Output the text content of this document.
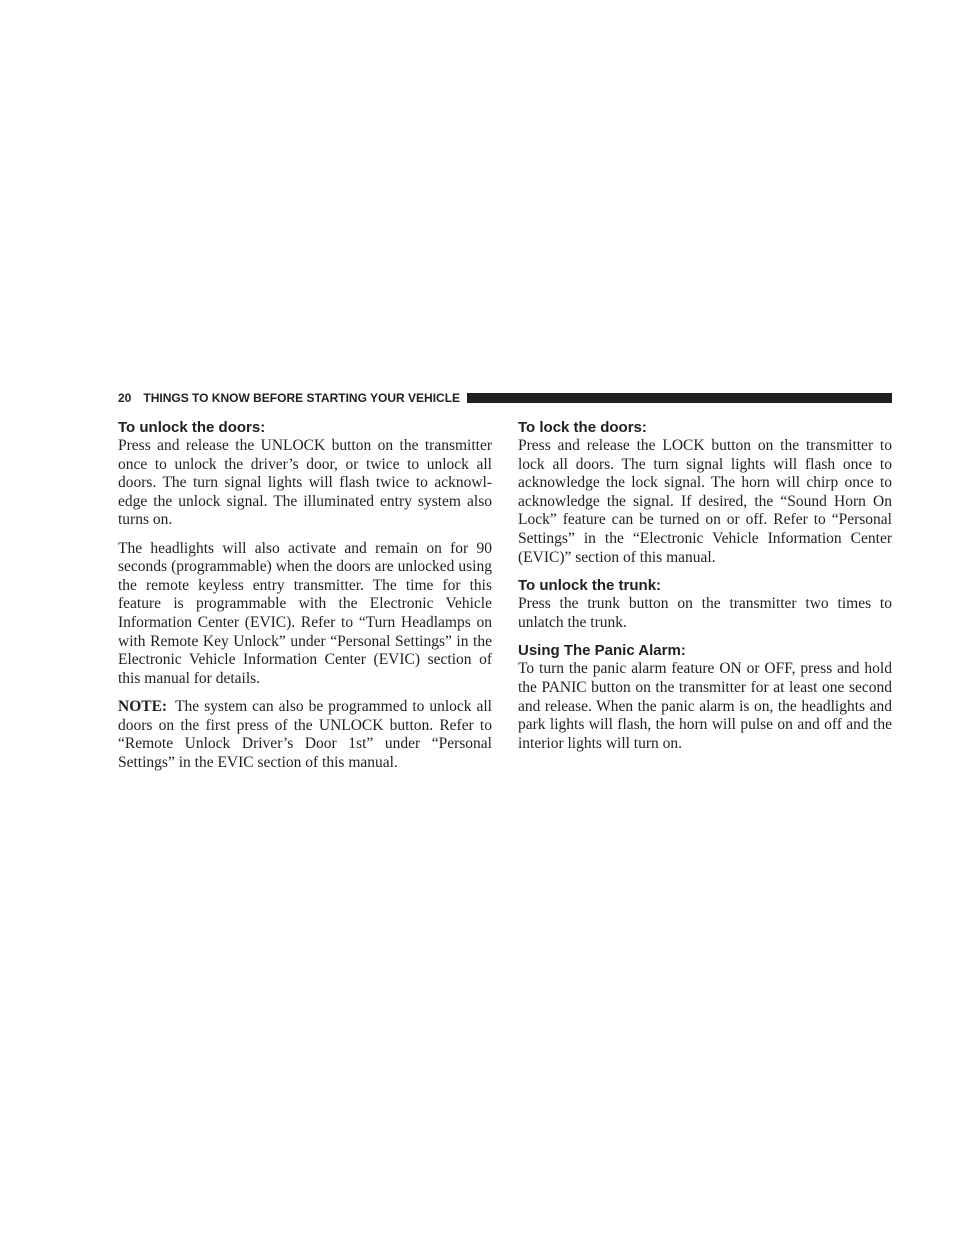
20 THINGS TO KNOW BEFORE STARTING YOUR VEHICLE
To unlock the doors:

Press and release the UNLOCK button on the transmitter once to unlock the driver’s door, or twice to unlock all doors. The turn signal lights will flash twice to acknowl-edge the unlock signal. The illuminated entry system also turns on.

The headlights will also activate and remain on for 90 seconds (programmable) when the doors are unlocked using the remote keyless entry transmitter. The time for this feature is programmable with the Electronic Vehicle Information Center (EVIC). Refer to “Turn Headlamps on with Remote Key Unlock” under “Personal Settings” in the Electronic Vehicle Information Center (EVIC) section of this manual for details.

NOTE: The system can also be programmed to unlock all doors on the first press of the UNLOCK button. Refer to “Remote Unlock Driver’s Door 1st” under “Personal Settings” in the EVIC section of this manual.

To lock the doors:

Press and release the LOCK button on the transmitter to lock all doors. The turn signal lights will flash once to acknowledge the lock signal. The horn will chirp once to acknowledge the signal. If desired, the “Sound Horn On Lock” feature can be turned on or off. Refer to “Personal Settings” in the “Electronic Vehicle Information Center (EVIC)” section of this manual.

To unlock the trunk:

Press the trunk button on the transmitter two times to unlatch the trunk.

Using The Panic Alarm:

To turn the panic alarm feature ON or OFF, press and hold the PANIC button on the transmitter for at least one second and release. When the panic alarm is on, the headlights and park lights will flash, the horn will pulse on and off and the interior lights will turn on.
